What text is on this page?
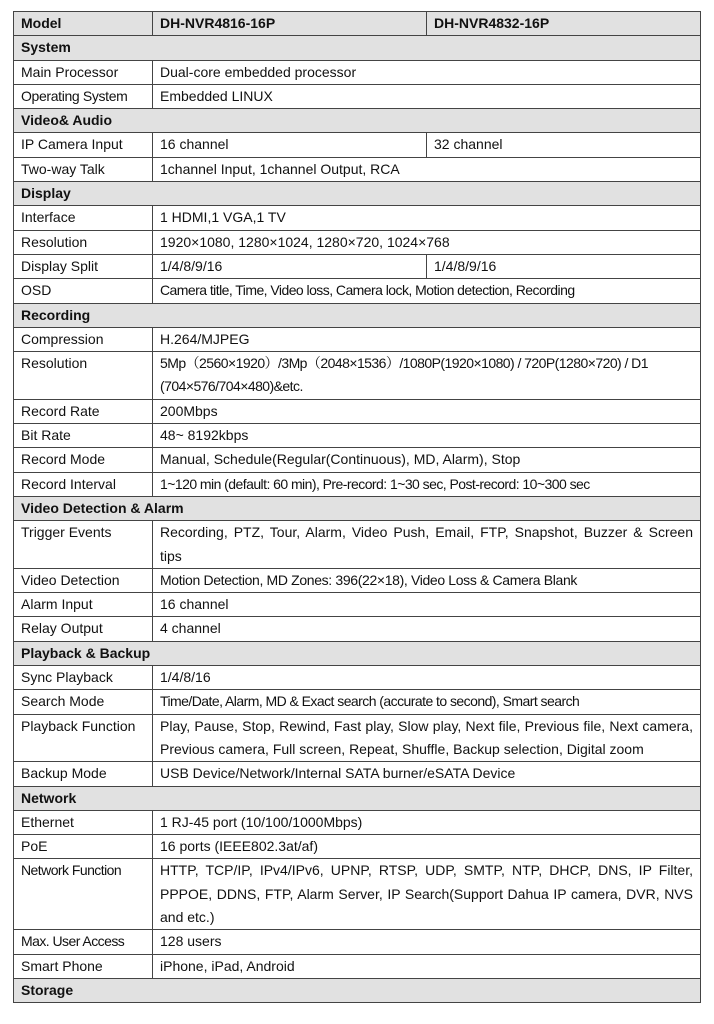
Model	DH-NVR4816-16P	DH-NVR4832-16P
System		
Main Processor	Dual-core embedded processor	
Operating System	Embedded LINUX	
Video& Audio		
IP Camera Input	16 channel	32 channel
Two-way Talk	1channel Input, 1channel Output, RCA	
Display		
Interface	1 HDMI,1 VGA,1 TV	
Resolution	1920×1080, 1280×1024, 1280×720, 1024×768	
Display Split	1/4/8/9/16	1/4/8/9/16
OSD	Camera title, Time, Video loss, Camera lock, Motion detection, Recording	
Recording		
Compression	H.264/MJPEG	
Resolution	5Mp（2560×1920）/3Mp（2048×1536）/1080P(1920×1080) / 720P(1280×720) / D1 (704×576/704×480)&etc.	
Record Rate	200Mbps	
Bit Rate	48~ 8192kbps	
Record Mode	Manual, Schedule(Regular(Continuous), MD, Alarm), Stop	
Record Interval	1~120 min (default: 60 min), Pre-record: 1~30 sec, Post-record: 10~300 sec	
Video Detection & Alarm		
Trigger Events	Recording, PTZ, Tour, Alarm, Video Push, Email, FTP, Snapshot, Buzzer & Screen tips	
Video Detection	Motion Detection, MD Zones: 396(22×18), Video Loss & Camera Blank	
Alarm Input	16 channel	
Relay Output	4 channel	
Playback & Backup		
Sync Playback	1/4/8/16	
Search Mode	Time/Date, Alarm, MD & Exact search (accurate to second), Smart search	
Playback Function	Play, Pause, Stop, Rewind, Fast play, Slow play, Next file, Previous file, Next camera, Previous camera, Full screen, Repeat, Shuffle, Backup selection, Digital zoom	
Backup Mode	USB Device/Network/Internal SATA burner/eSATA Device	
Network		
Ethernet	1 RJ-45 port (10/100/1000Mbps)	
PoE	16 ports (IEEE802.3at/af)	
Network Function	HTTP, TCP/IP, IPv4/IPv6, UPNP, RTSP, UDP, SMTP, NTP, DHCP, DNS, IP Filter, PPPOE, DDNS, FTP, Alarm Server, IP Search(Support Dahua IP camera, DVR, NVS and etc.)	
Max. User Access	128 users	
Smart Phone	iPhone, iPad, Android	
Storage		
